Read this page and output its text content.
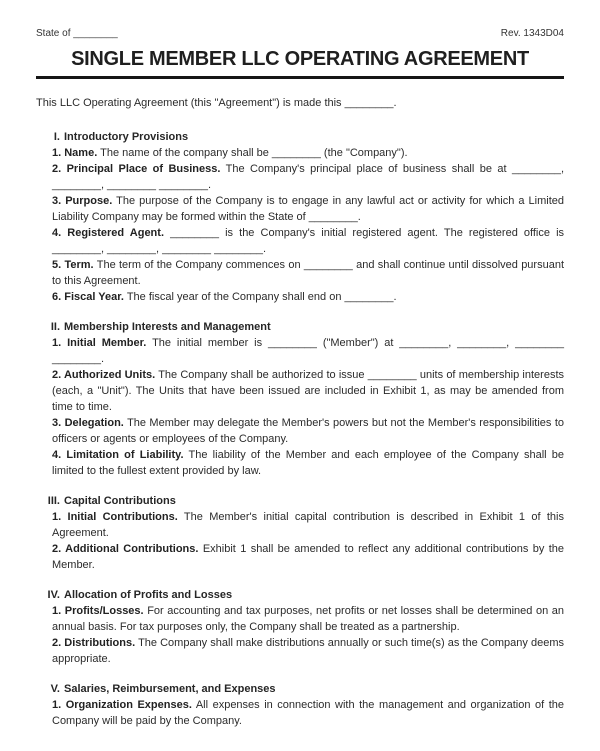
State of ________	Rev. 1343D04
SINGLE MEMBER LLC OPERATING AGREEMENT

This LLC Operating Agreement (this "Agreement") is made this ________.

I. Introductory Provisions

1. Name. The name of the company shall be ________ (the "Company").

2. Principal Place of Business. The Company's principal place of business shall be at ________, ________, ________ ________.

3. Purpose. The purpose of the Company is to engage in any lawful act or activity for which a Limited Liability Company may be formed within the State of ________.

4. Registered Agent. ________ is the Company's initial registered agent. The registered office is ________, ________, ________ ________.

5. Term. The term of the Company commences on ________ and shall continue until dissolved pursuant to this Agreement.

6. Fiscal Year. The fiscal year of the Company shall end on ________.

II. Membership Interests and Management

1. Initial Member. The initial member is ________ ("Member") at ________, ________, ________ ________.

2. Authorized Units. The Company shall be authorized to issue ________ units of membership interests (each, a "Unit"). The Units that have been issued are included in Exhibit 1, as may be amended from time to time.

3. Delegation. The Member may delegate the Member's powers but not the Member's responsibilities to officers or agents or employees of the Company.

4. Limitation of Liability. The liability of the Member and each employee of the Company shall be limited to the fullest extent provided by law.

III. Capital Contributions

1. Initial Contributions. The Member's initial capital contribution is described in Exhibit 1 of this Agreement.

2. Additional Contributions. Exhibit 1 shall be amended to reflect any additional contributions by the Member.

IV. Allocation of Profits and Losses

1. Profits/Losses. For accounting and tax purposes, net profits or net losses shall be determined on an annual basis. For tax purposes only, the Company shall be treated as a partnership.

2. Distributions. The Company shall make distributions annually or such time(s) as the Company deems appropriate.

V. Salaries, Reimbursement, and Expenses

1. Organization Expenses. All expenses in connection with the management and organization of the Company will be paid by the Company.
